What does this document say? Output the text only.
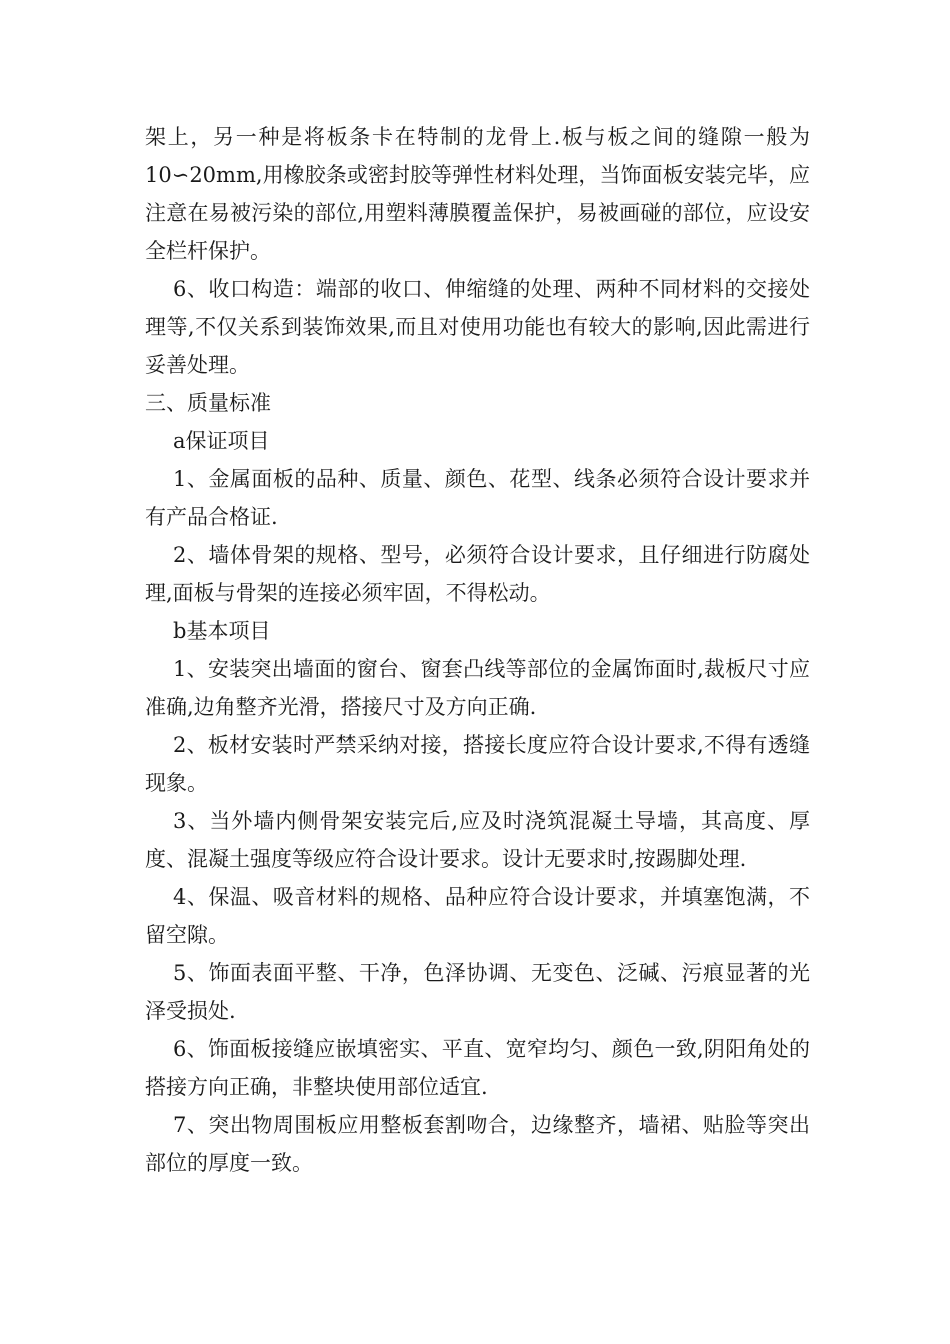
架上，另一种是将板条卡在特制的龙骨上.板与板之间的缝隙一般为10∽20mm,用橡胶条或密封胶等弹性材料处理，当饰面板安装完毕，应注意在易被污染的部位,用塑料薄膜覆盖保护，易被画碰的部位，应设安全栏杆保护。

6、收口构造：端部的收口、伸缩缝的处理、两种不同材料的交接处理等,不仅关系到装饰效果,而且对使用功能也有较大的影响,因此需进行妥善处理。

三、质量标准

a保证项目

1、金属面板的品种、质量、颜色、花型、线条必须符合设计要求并有产品合格证.

2、墙体骨架的规格、型号，必须符合设计要求，且仔细进行防腐处理,面板与骨架的连接必须牢固，不得松动。

b基本项目

1、安装突出墙面的窗台、窗套凸线等部位的金属饰面时,裁板尺寸应准确,边角整齐光滑，搭接尺寸及方向正确.

2、板材安装时严禁采纳对接，搭接长度应符合设计要求,不得有透缝现象。

3、当外墙内侧骨架安装完后,应及时浇筑混凝土导墙，其高度、厚度、混凝土强度等级应符合设计要求。设计无要求时,按踢脚处理.

4、保温、吸音材料的规格、品种应符合设计要求，并填塞饱满，不留空隙。

5、饰面表面平整、干净，色泽协调、无变色、泛碱、污痕显著的光泽受损处.

6、饰面板接缝应嵌填密实、平直、宽窄均匀、颜色一致,阴阳角处的搭接方向正确，非整块使用部位适宜.

7、突出物周围板应用整板套割吻合，边缘整齐，墙裙、贴脸等突出部位的厚度一致。
